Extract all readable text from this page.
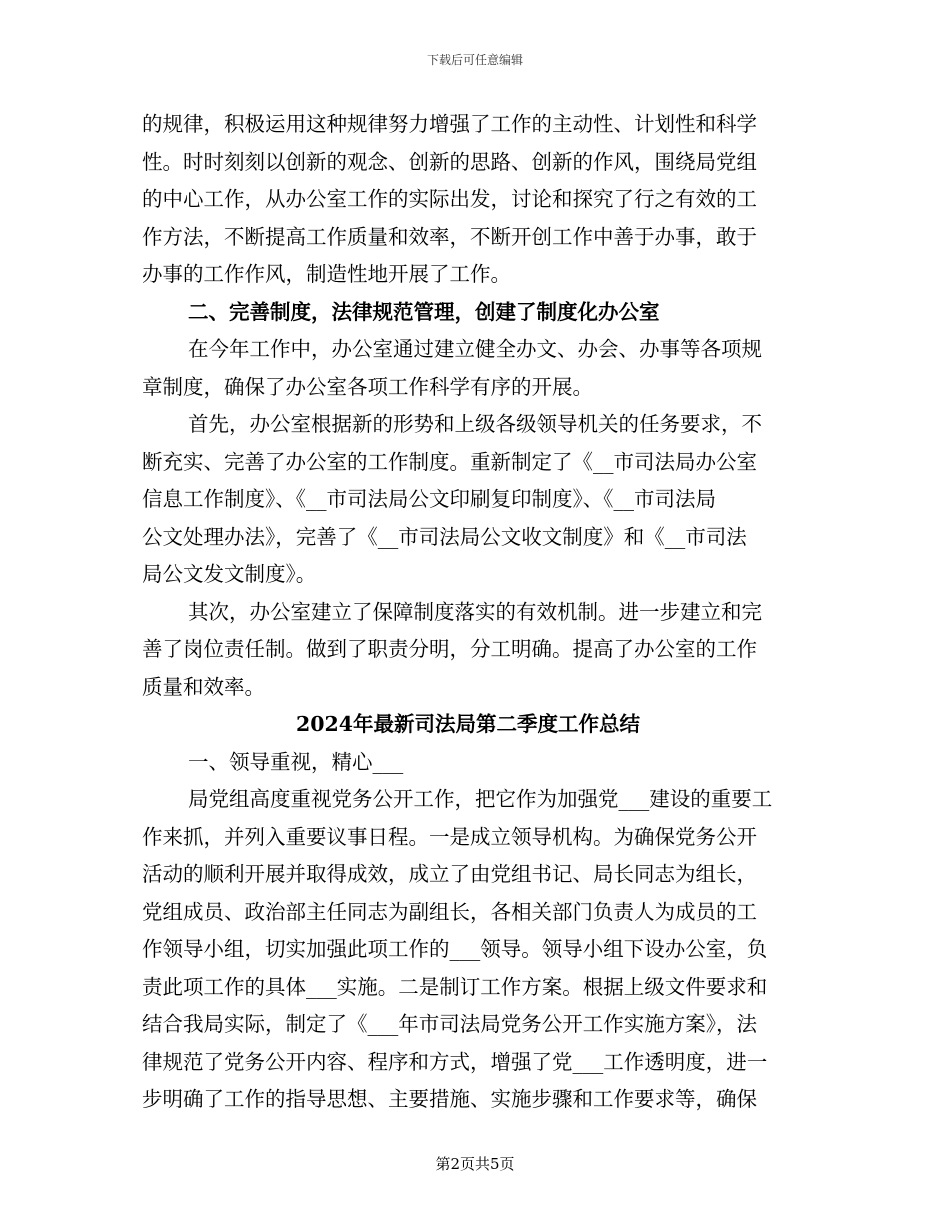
下载后可任意编辑
的规律，积极运用这种规律努力增强了工作的主动性、计划性和科学
性。时时刻刻以创新的观念、创新的思路、创新的作风，围绕局党组
的中心工作，从办公室工作的实际出发，讨论和探究了行之有效的工
作方法，不断提高工作质量和效率，不断开创工作中善于办事，敢于
办事的工作作风，制造性地开展了工作。
二、完善制度，法律规范管理，创建了制度化办公室
在今年工作中，办公室通过建立健全办文、办会、办事等各项规
章制度，确保了办公室各项工作科学有序的开展。
首先，办公室根据新的形势和上级各级领导机关的任务要求，不
断充实、完善了办公室的工作制度。重新制定了《__市司法局办公室
信息工作制度》、《__市司法局公文印刷复印制度》、《__市司法局
公文处理办法》，完善了《__市司法局公文收文制度》和《__市司法
局公文发文制度》。
其次，办公室建立了保障制度落实的有效机制。进一步建立和完
善了岗位责任制。做到了职责分明，分工明确。提高了办公室的工作
质量和效率。
2024年最新司法局第二季度工作总结
一、领导重视，精心___
局党组高度重视党务公开工作，把它作为加强党___建设的重要工
作来抓，并列入重要议事日程。一是成立领导机构。为确保党务公开
活动的顺利开展并取得成效，成立了由党组书记、局长同志为组长，
党组成员、政治部主任同志为副组长，各相关部门负责人为成员的工
作领导小组，切实加强此项工作的___领导。领导小组下设办公室，负
责此项工作的具体___实施。二是制订工作方案。根据上级文件要求和
结合我局实际，制定了《___年市司法局党务公开工作实施方案》，法
律规范了党务公开内容、程序和方式，增强了党___工作透明度，进一
步明确了工作的指导思想、主要措施、实施步骤和工作要求等，确保
第2页共5页
